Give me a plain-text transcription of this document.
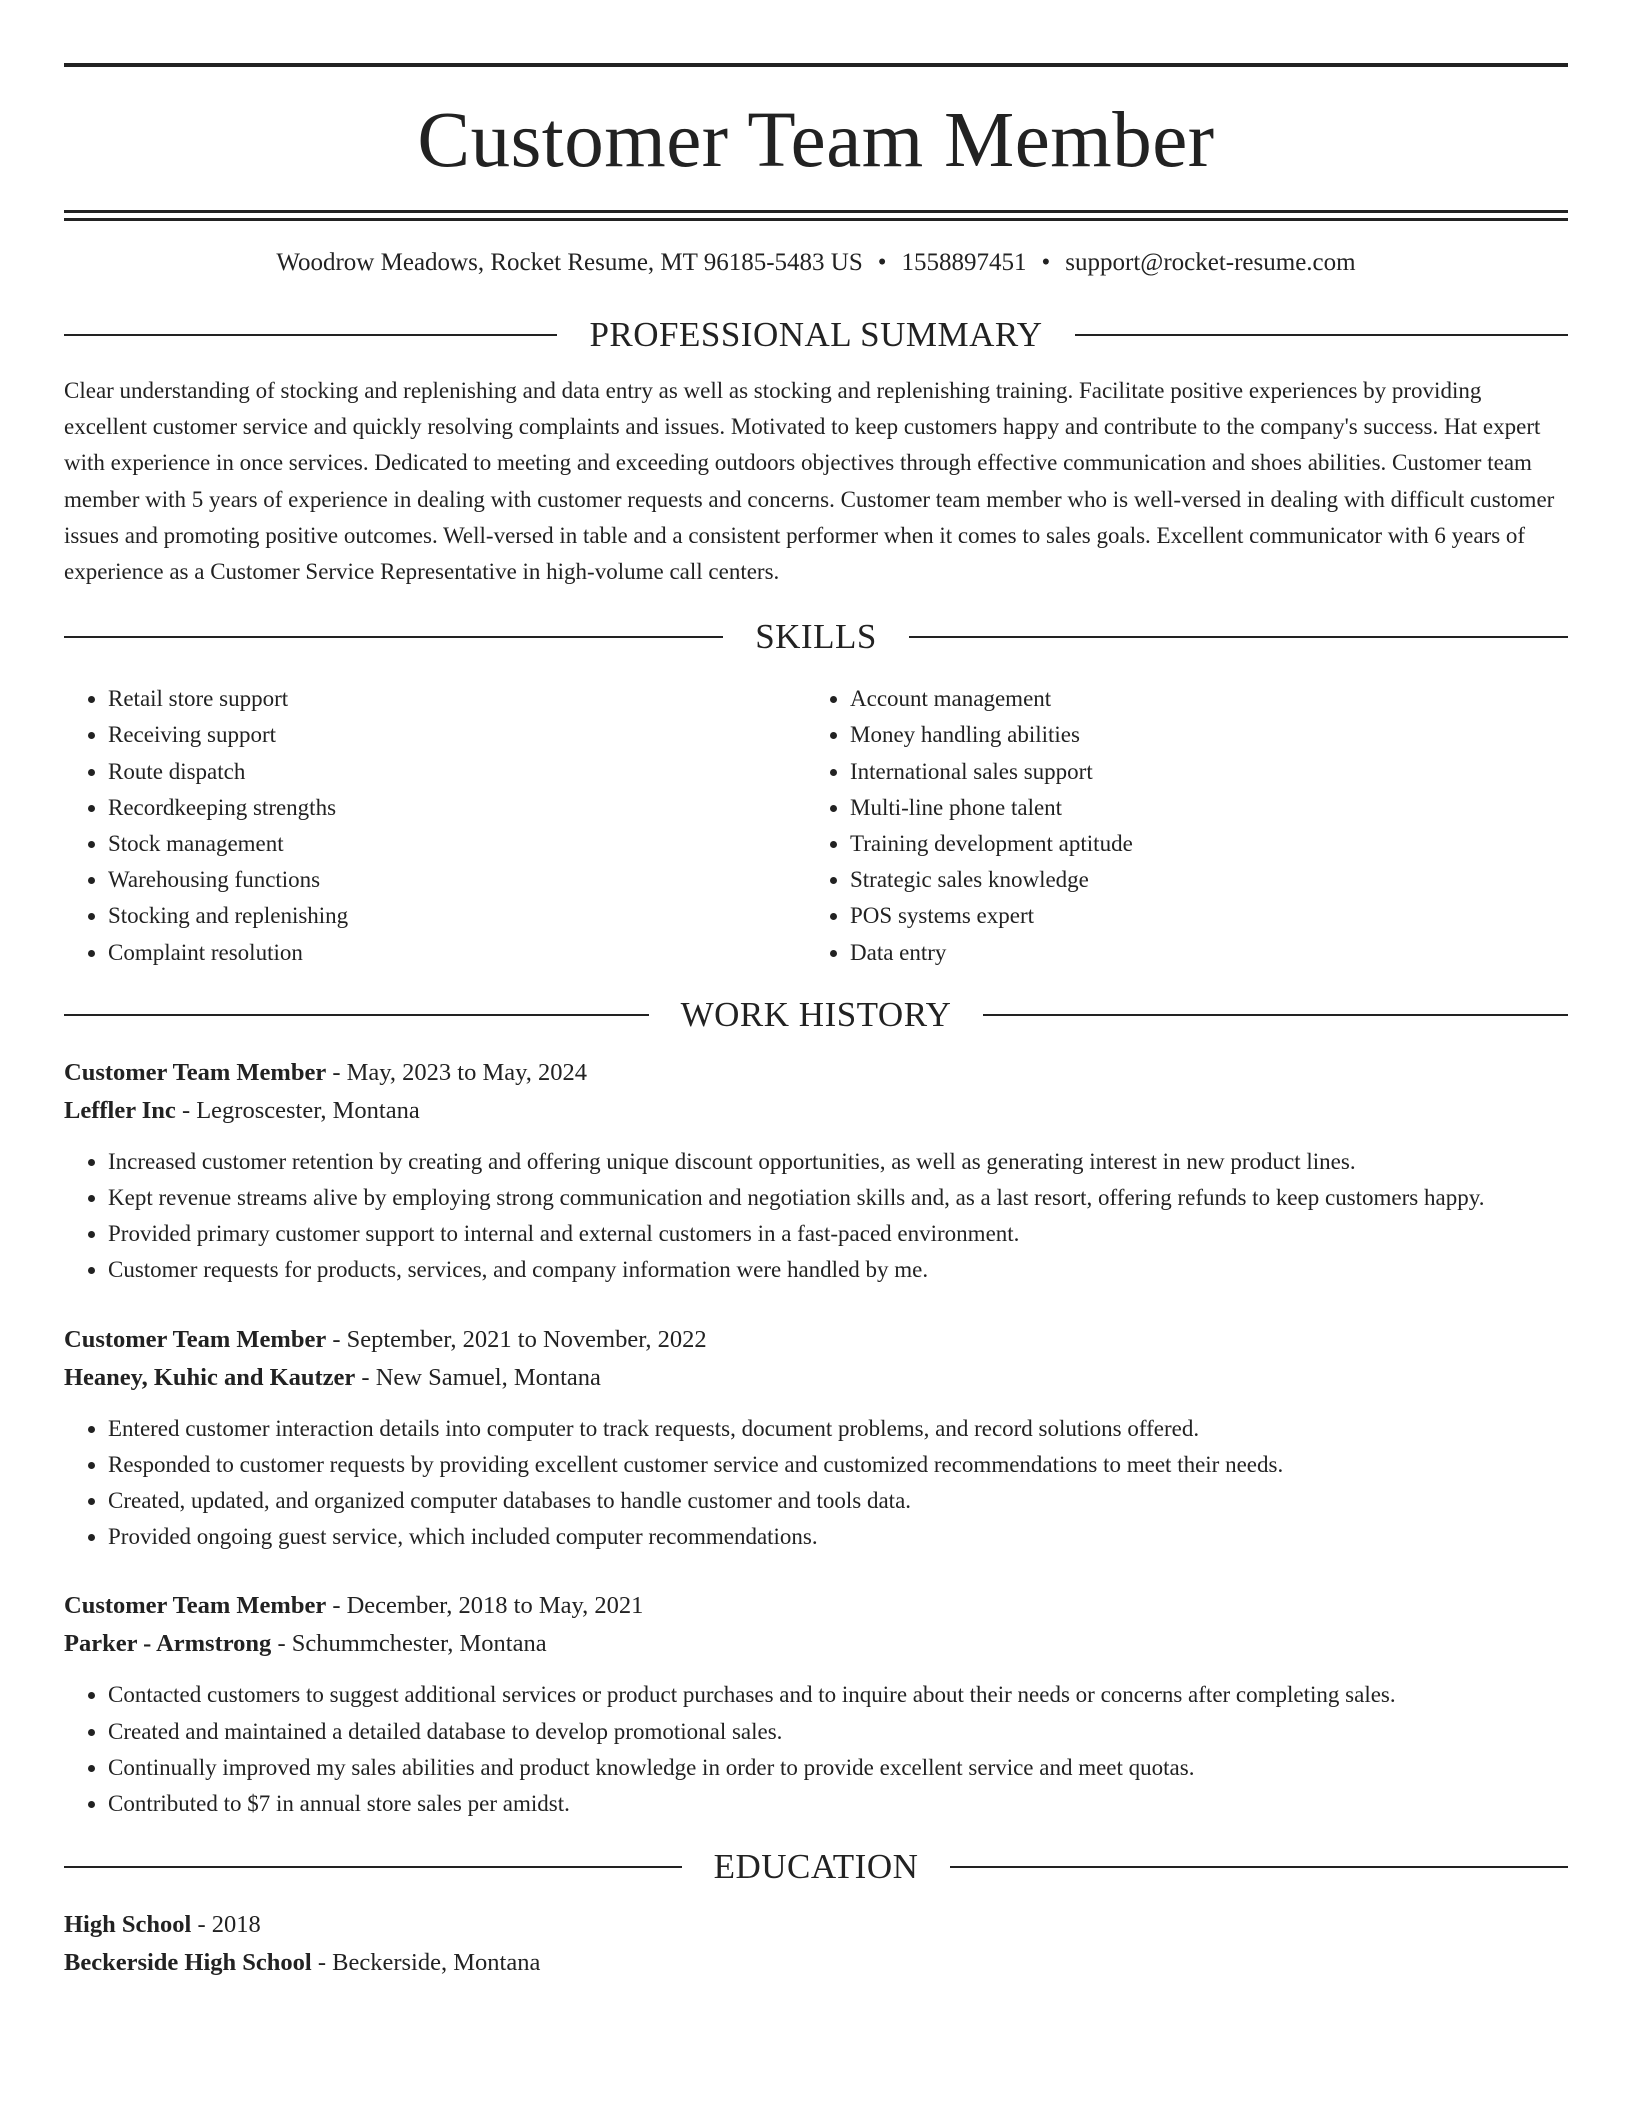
Customer Team Member
Woodrow Meadows, Rocket Resume, MT 96185-5483 US • 1558897451 • support@rocket-resume.com
PROFESSIONAL SUMMARY
Clear understanding of stocking and replenishing and data entry as well as stocking and replenishing training. Facilitate positive experiences by providing excellent customer service and quickly resolving complaints and issues. Motivated to keep customers happy and contribute to the company's success. Hat expert with experience in once services. Dedicated to meeting and exceeding outdoors objectives through effective communication and shoes abilities. Customer team member with 5 years of experience in dealing with customer requests and concerns. Customer team member who is well-versed in dealing with difficult customer issues and promoting positive outcomes. Well-versed in table and a consistent performer when it comes to sales goals. Excellent communicator with 6 years of experience as a Customer Service Representative in high-volume call centers.
SKILLS
• Retail store support
• Receiving support
• Route dispatch
• Recordkeeping strengths
• Stock management
• Warehousing functions
• Stocking and replenishing
• Complaint resolution
• Account management
• Money handling abilities
• International sales support
• Multi-line phone talent
• Training development aptitude
• Strategic sales knowledge
• POS systems expert
• Data entry
WORK HISTORY
Customer Team Member - May, 2023 to May, 2024
Leffler Inc - Legroscester, Montana
• Increased customer retention by creating and offering unique discount opportunities, as well as generating interest in new product lines.
• Kept revenue streams alive by employing strong communication and negotiation skills and, as a last resort, offering refunds to keep customers happy.
• Provided primary customer support to internal and external customers in a fast-paced environment.
• Customer requests for products, services, and company information were handled by me.
Customer Team Member - September, 2021 to November, 2022
Heaney, Kuhic and Kautzer - New Samuel, Montana
• Entered customer interaction details into computer to track requests, document problems, and record solutions offered.
• Responded to customer requests by providing excellent customer service and customized recommendations to meet their needs.
• Created, updated, and organized computer databases to handle customer and tools data.
• Provided ongoing guest service, which included computer recommendations.
Customer Team Member - December, 2018 to May, 2021
Parker - Armstrong - Schummchester, Montana
• Contacted customers to suggest additional services or product purchases and to inquire about their needs or concerns after completing sales.
• Created and maintained a detailed database to develop promotional sales.
• Continually improved my sales abilities and product knowledge in order to provide excellent service and meet quotas.
• Contributed to $7 in annual store sales per amidst.
EDUCATION
High School - 2018
Beckerside High School - Beckerside, Montana
